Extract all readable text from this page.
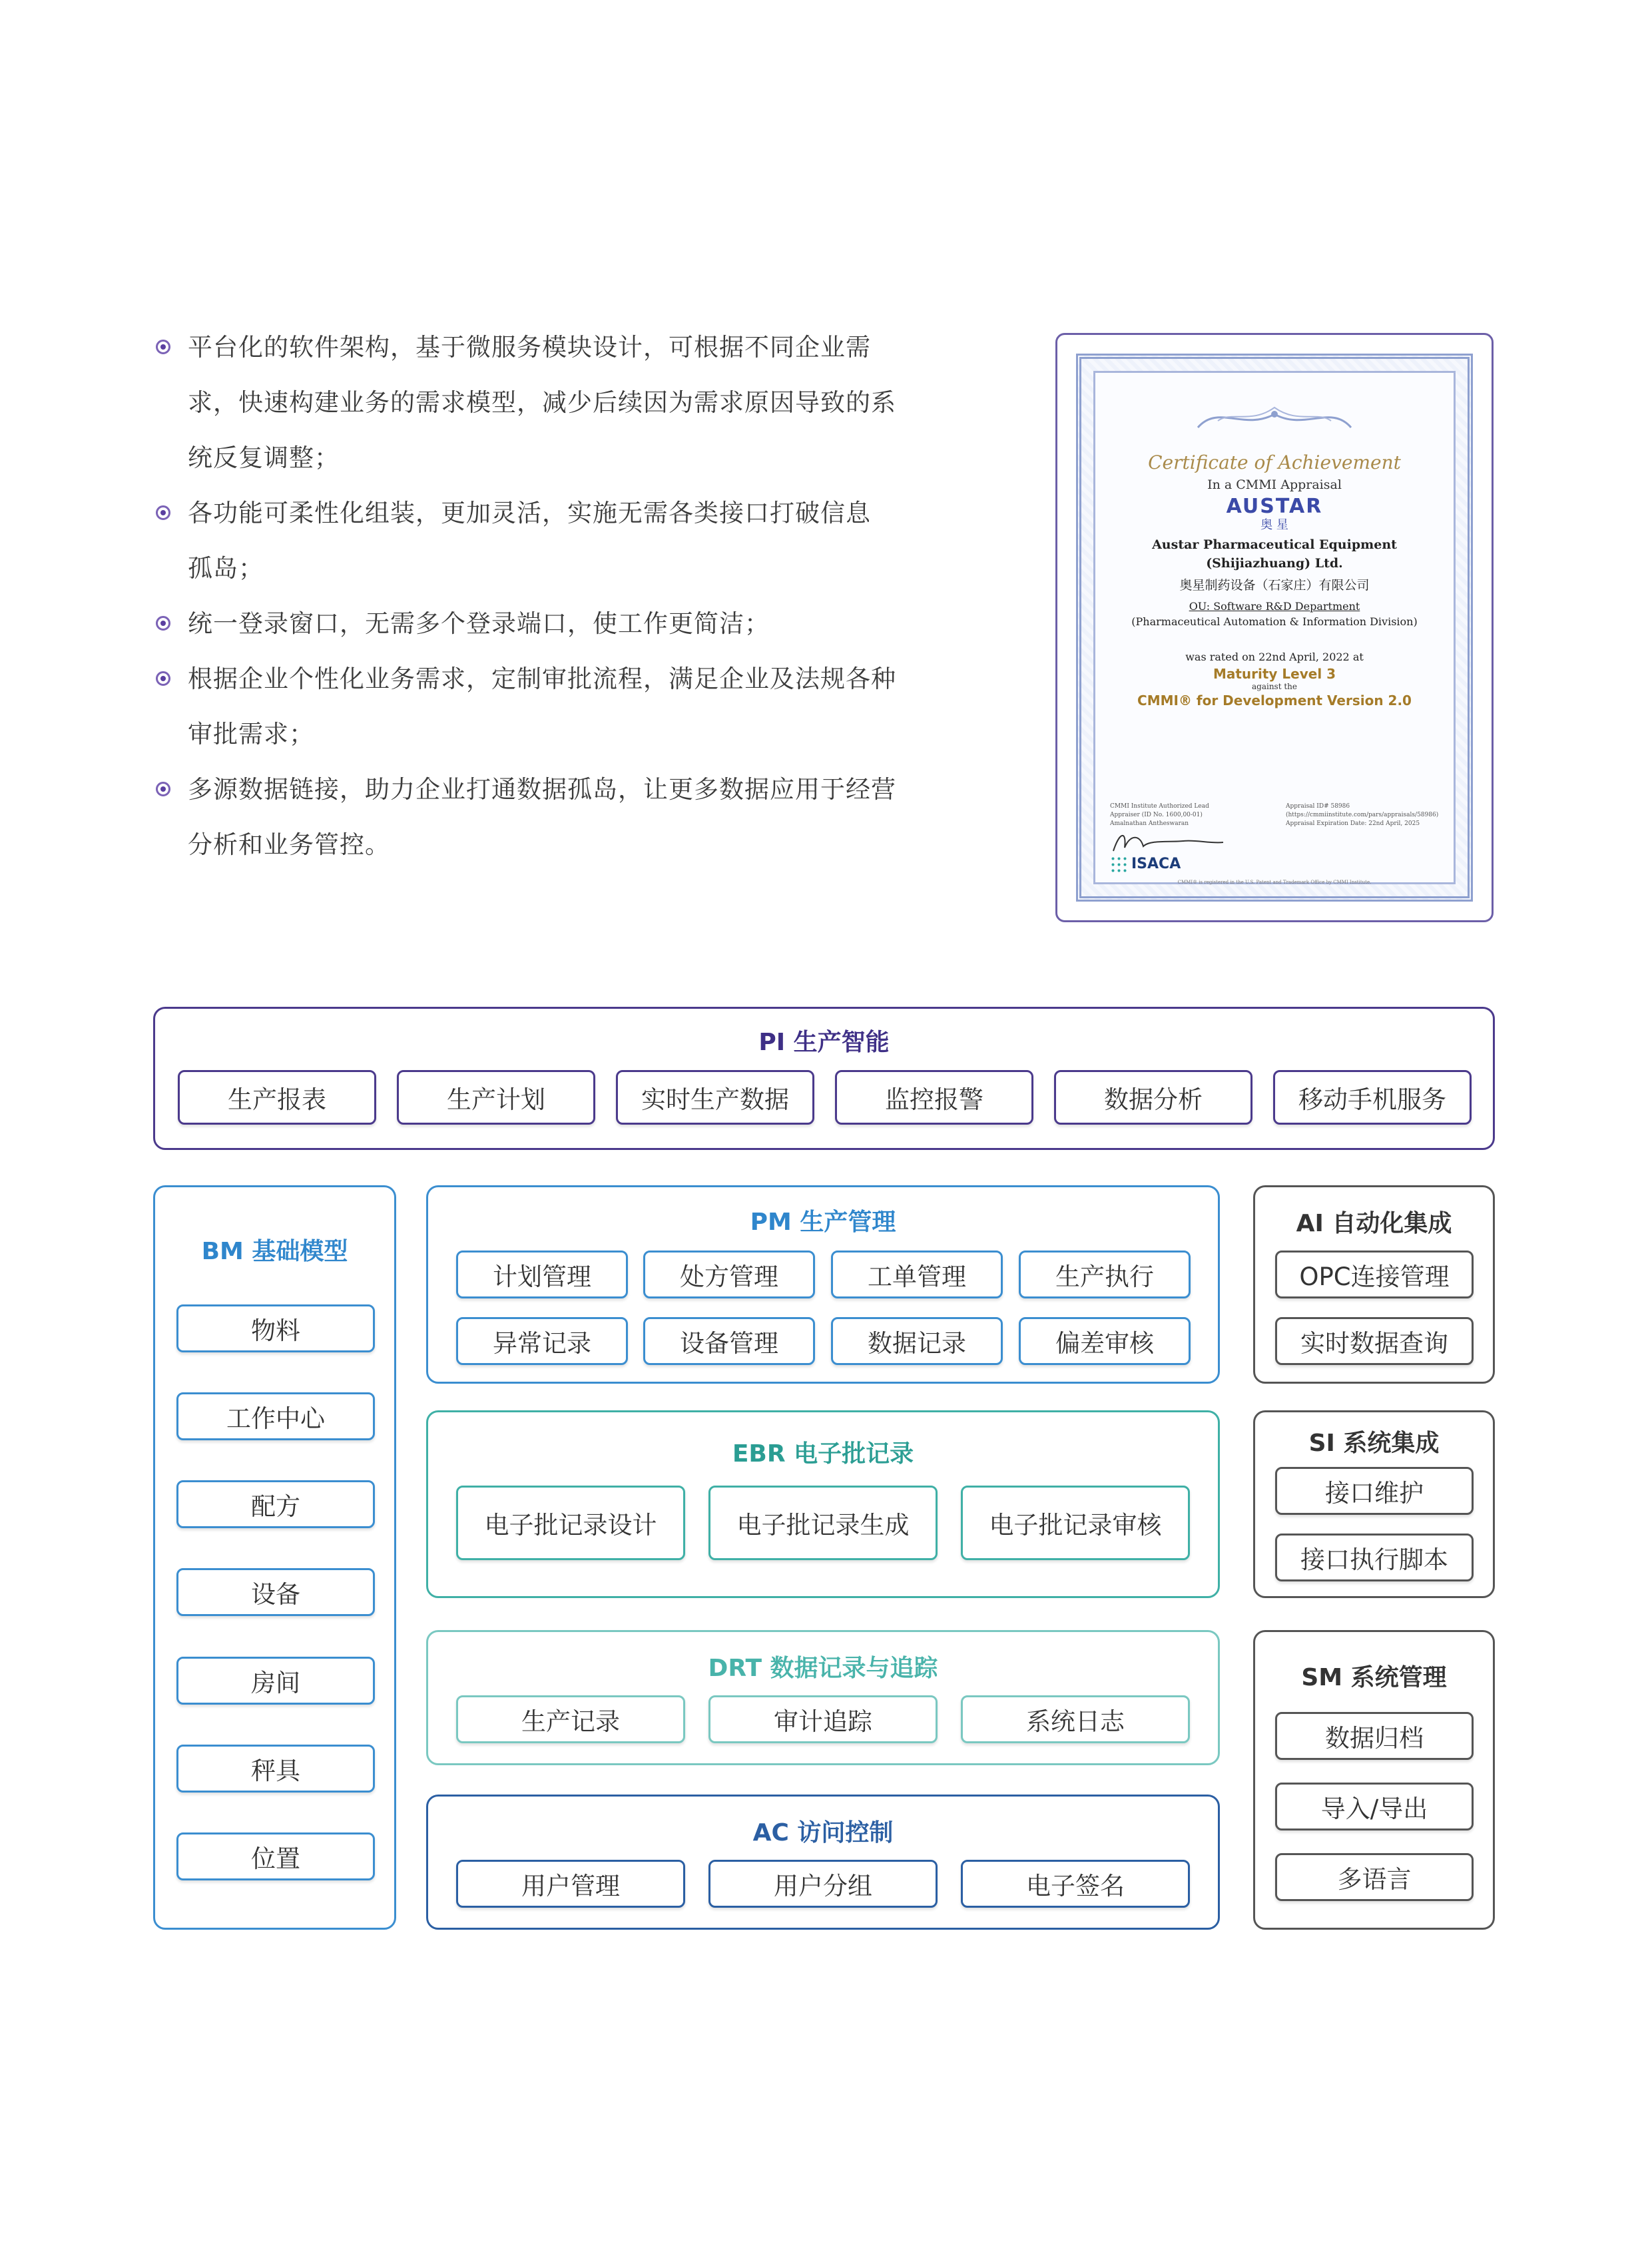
平台化的软件架构，基于微服务模块设计，可根据不同企业需
求，快速构建业务的需求模型，减少后续因为需求原因导致的系
统反复调整；
各功能可柔性化组装，更加灵活，实施无需各类接口打破信息
孤岛；
统一登录窗口，无需多个登录端口，使工作更简洁；
根据企业个性化业务需求，定制审批流程，满足企业及法规各种
审批需求；
多源数据链接，助力企业打通数据孤岛，让更多数据应用于经营
分析和业务管控。
Certificate of Achievement
In a CMMI Appraisal
AUSTAR
奥 星
Austar Pharmaceutical Equipment
(Shijiazhuang) Ltd.
奥星制药设备（石家庄）有限公司
OU: Software R&D Department
(Pharmaceutical Automation & Information Division)
was rated on 22nd April, 2022 at
Maturity Level 3
against the
CMMI® for Development Version 2.0
CMMI Institute Authorized Lead
Appraiser (ID No. 1600,00-01)
Amalnathan Antheswaran
ISACA
Appraisal ID# 58986
(https://cmmiinstitute.com/pars/appraisals/58986)
Appraisal Expiration Date: 22nd April, 2025
CMMI® is registered in the U.S. Patent and Trademark Office by CMMI Institute.
PI 生产智能
生产报表	生产计划	实时生产数据	监控报警	数据分析	移动手机服务
BM 基础模型
物料
工作中心
配方
设备
房间
秤具
位置
PM 生产管理
计划管理	处方管理	工单管理	生产执行
异常记录	设备管理	数据记录	偏差审核
EBR 电子批记录
电子批记录设计	电子批记录生成	电子批记录审核
DRT 数据记录与追踪
生产记录	审计追踪	系统日志
AC 访问控制
用户管理	用户分组	电子签名
AI 自动化集成
OPC连接管理
实时数据查询
SI 系统集成
接口维护
接口执行脚本
SM 系统管理
数据归档
导入/导出
多语言
